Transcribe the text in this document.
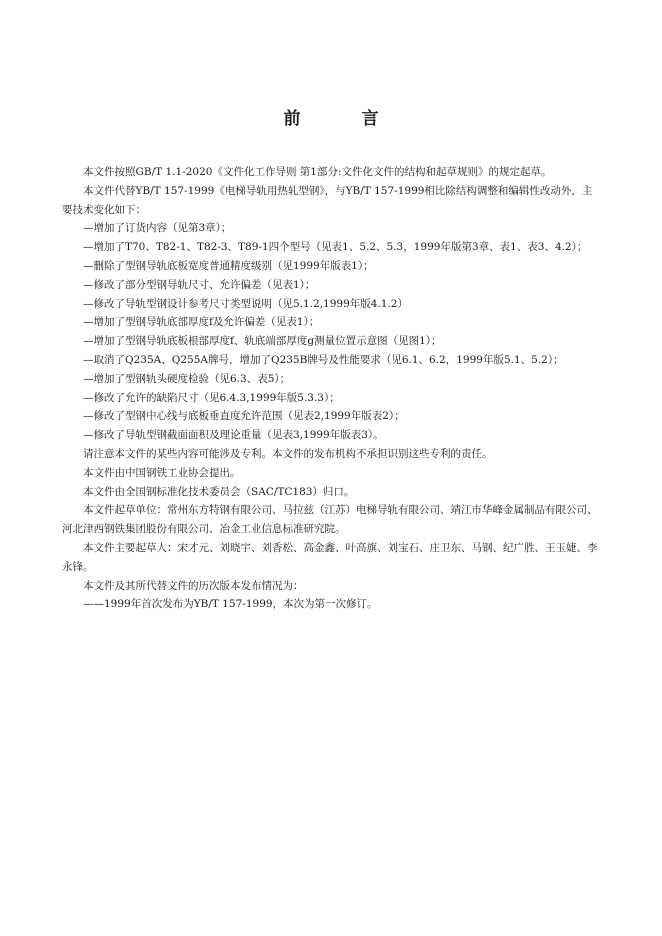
前　言

本文件按照GB/T 1.1-2020《文件化工作导则 第1部分:文件化文件的结构和起草规则》的规定起草。

本文件代替YB/T 157-1999《电梯导轨用热轧型钢》，与YB/T 157-1999相比除结构调整和编辑性改动外，主要技术变化如下：

—增加了订货内容（见第3章）；

—增加了T70、T82-1、T82-3、T89-1四个型号（见表1、5.2、5.3，1999年版第3章、表1、表3、4.2）；

—删除了型钢导轨底板宽度普通精度级别（见1999年版表1）；

—修改了部分型钢导轨尺寸、允许偏差（见表1）；

—修改了导轨型钢设计参考尺寸类型说明（见5.1.2,1999年版4.1.2）

—增加了型钢导轨底部厚度f及允许偏差（见表1）；

—增加了型钢导轨底板根部厚度f、轨底端部厚度g测量位置示意图（见图1）；

—取消了Q235A、Q255A牌号，增加了Q235B牌号及性能要求（见6.1、6.2，1999年版5.1、5.2）；

—增加了型钢轨头硬度检验（见6.3、表5）；

—修改了允许的缺陷尺寸（见6.4.3,1999年版5.3.3）；

—修改了型钢中心线与底板垂直度允许范围（见表2,1999年版表2）；

—修改了导轨型钢截面面积及理论重量（见表3,1999年版表3）。

请注意本文件的某些内容可能涉及专利。本文件的发布机构不承担识别这些专利的责任。

本文件由中国钢铁工业协会提出。

本文件由全国钢标准化技术委员会（SAC/TC183）归口。

本文件起草单位：常州东方特钢有限公司、马拉兹（江苏）电梯导轨有限公司、靖江市华峰金属制品有限公司、河北津西钢铁集团股份有限公司、冶金工业信息标准研究院。

本文件主要起草人：宋才元、刘晓宇、刘香松、高金鑫、叶高旗、刘宝石、庄卫东、马钢、纪广胜、王玉婕、李永锋。

本文件及其所代替文件的历次版本发布情况为：

——1999年首次发布为YB/T 157-1999，本次为第一次修订。
